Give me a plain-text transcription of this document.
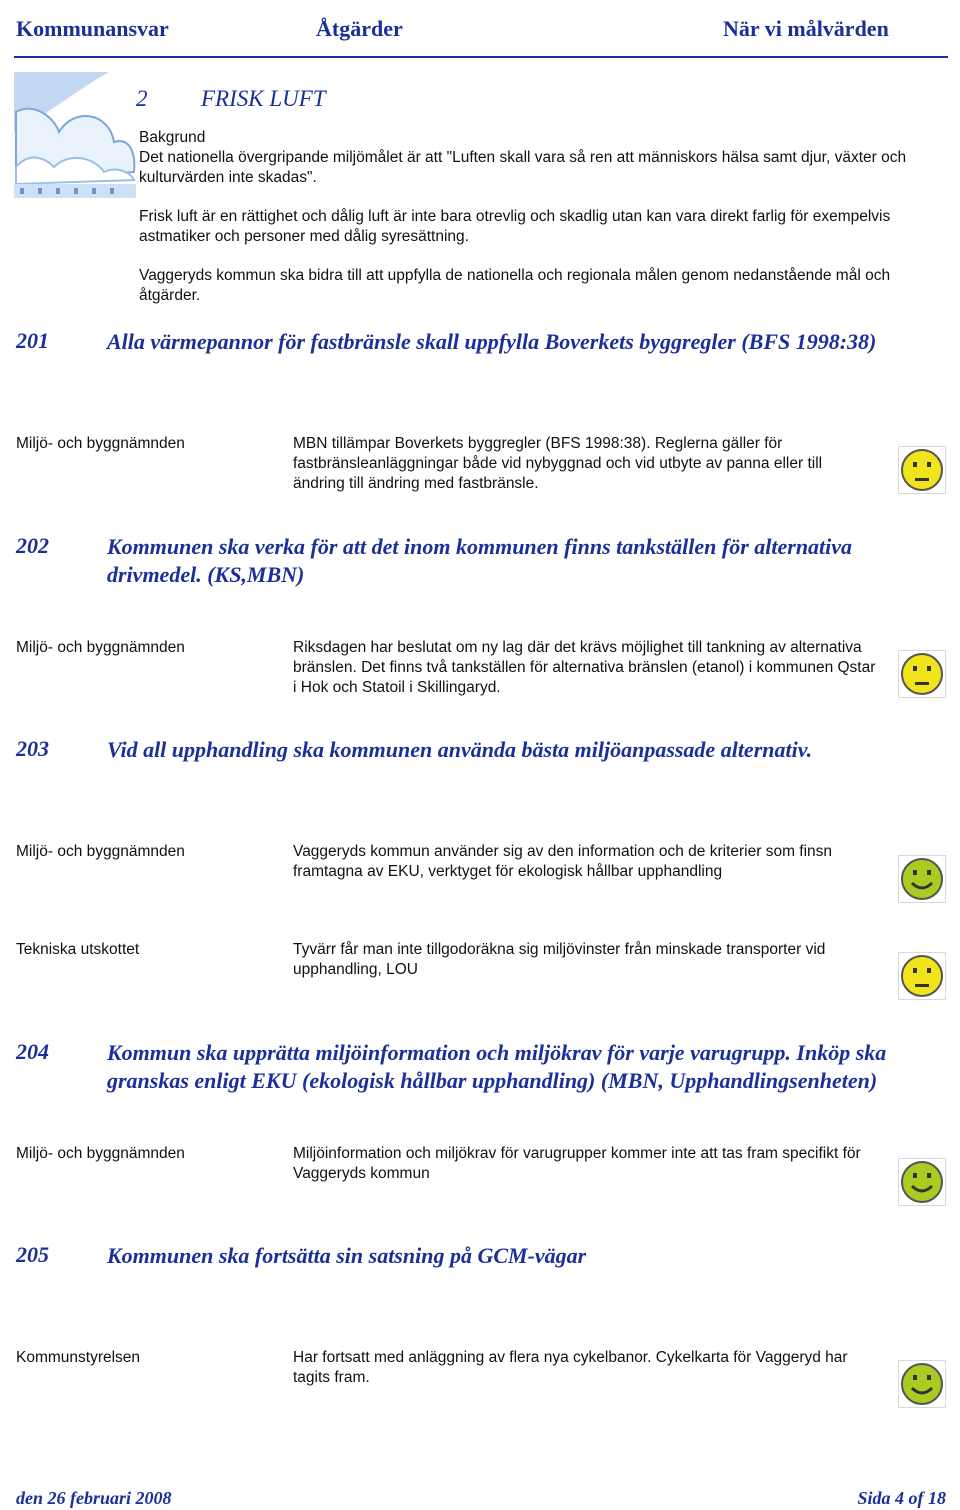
Kommunansvar	Åtgärder	När vi målvärden
2 FRISK LUFT
Bakgrund
Det nationella övergripande miljömålet är att "Luften skall vara så ren att människors hälsa samt djur, växter och kulturvärden inte skadas".
Frisk luft är en rättighet och dålig luft är inte bara otrevlig och skadlig utan kan vara direkt farlig för exempelvis astmatiker och personer med dålig syresättning.
Vaggeryds kommun ska bidra till att uppfylla de nationella och regionala målen genom nedanstående mål och åtgärder.
201	Alla värmepannor för fastbränsle skall uppfylla Boverkets byggregler (BFS 1998:38)
Miljö- och byggnämnden	MBN tillämpar Boverkets byggregler (BFS 1998:38). Reglerna gäller för fastbränsleanläggningar både vid nybyggnad och vid utbyte av panna eller till ändring till ändring med fastbränsle.
202	Kommunen ska verka för att det inom kommunen finns tankställen för alternativa drivmedel. (KS,MBN)
Miljö- och byggnämnden	Riksdagen har beslutat om ny lag där det krävs möjlighet till tankning av alternativa bränslen. Det finns två tankställen för alternativa bränslen (etanol) i kommunen Qstar i Hok och Statoil i Skillingaryd.
203	Vid all upphandling ska kommunen använda bästa miljöanpassade alternativ.
Miljö- och byggnämnden	Vaggeryds kommun använder sig av den information och de kriterier som finsn framtagna av EKU, verktyget för ekologisk hållbar upphandling
Tekniska utskottet	Tyvärr får man inte tillgodoräkna sig miljövinster från minskade transporter vid upphandling, LOU
204	Kommun ska upprätta miljöinformation och miljökrav för varje varugrupp. Inköp ska granskas enligt EKU (ekologisk hållbar upphandling) (MBN, Upphandlingsenheten)
Miljö- och byggnämnden	Miljöinformation och miljökrav för varugrupper kommer inte att tas fram specifikt för Vaggeryds kommun
205	Kommunen ska fortsätta sin satsning på GCM-vägar
Kommunstyrelsen	Har fortsatt med anläggning av flera nya cykelbanor. Cykelkarta för Vaggeryd har tagits fram.
den 26 februari 2008	Sida 4 of 18
